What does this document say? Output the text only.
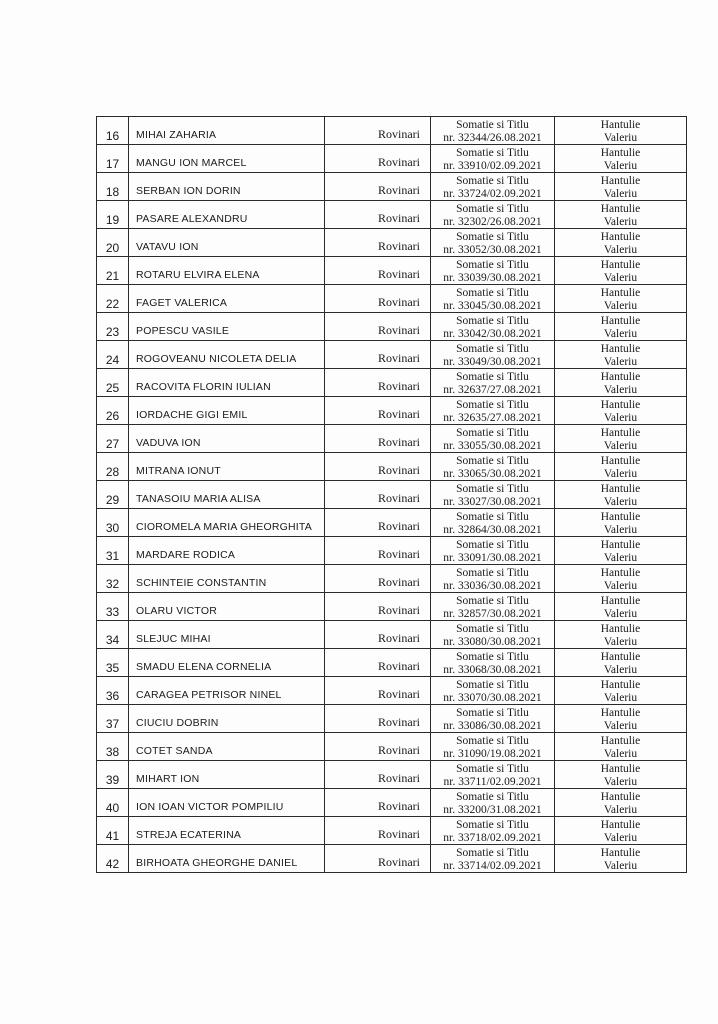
16	MIHAI ZAHARIA	Rovinari	Somatie si Titlu
nr. 32344/26.08.2021	Hantulie
Valeriu

17	MANGU ION MARCEL	Rovinari	Somatie si Titlu
nr. 33910/02.09.2021	Hantulie
Valeriu

18	SERBAN ION DORIN	Rovinari	Somatie si Titlu
nr. 33724/02.09.2021	Hantulie
Valeriu

19	PASARE ALEXANDRU	Rovinari	Somatie si Titlu
nr. 32302/26.08.2021	Hantulie
Valeriu

20	VATAVU ION	Rovinari	Somatie si Titlu
nr. 33052/30.08.2021	Hantulie
Valeriu

21	ROTARU ELVIRA ELENA	Rovinari	Somatie si Titlu
nr. 33039/30.08.2021	Hantulie
Valeriu

22	FAGET VALERICA	Rovinari	Somatie si Titlu
nr. 33045/30.08.2021	Hantulie
Valeriu

23	POPESCU VASILE	Rovinari	Somatie si Titlu
nr. 33042/30.08.2021	Hantulie
Valeriu

24	ROGOVEANU NICOLETA DELIA	Rovinari	Somatie si Titlu
nr. 33049/30.08.2021	Hantulie
Valeriu

25	RACOVITA FLORIN IULIAN	Rovinari	Somatie si Titlu
nr. 32637/27.08.2021	Hantulie
Valeriu

26	IORDACHE GIGI EMIL	Rovinari	Somatie si Titlu
nr. 32635/27.08.2021	Hantulie
Valeriu

27	VADUVA ION	Rovinari	Somatie si Titlu
nr. 33055/30.08.2021	Hantulie
Valeriu

28	MITRANA IONUT	Rovinari	Somatie si Titlu
nr. 33065/30.08.2021	Hantulie
Valeriu

29	TANASOIU MARIA ALISA	Rovinari	Somatie si Titlu
nr. 33027/30.08.2021	Hantulie
Valeriu

30	CIOROMELA MARIA GHEORGHITA	Rovinari	Somatie si Titlu
nr. 32864/30.08.2021	Hantulie
Valeriu

31	MARDARE RODICA	Rovinari	Somatie si Titlu
nr. 33091/30.08.2021	Hantulie
Valeriu

32	SCHINTEIE CONSTANTIN	Rovinari	Somatie si Titlu
nr. 33036/30.08.2021	Hantulie
Valeriu

33	OLARU VICTOR	Rovinari	Somatie si Titlu
nr. 32857/30.08.2021	Hantulie
Valeriu

34	SLEJUC MIHAI	Rovinari	Somatie si Titlu
nr. 33080/30.08.2021	Hantulie
Valeriu

35	SMADU ELENA CORNELIA	Rovinari	Somatie si Titlu
nr. 33068/30.08.2021	Hantulie
Valeriu

36	CARAGEA PETRISOR NINEL	Rovinari	Somatie si Titlu
nr. 33070/30.08.2021	Hantulie
Valeriu

37	CIUCIU DOBRIN	Rovinari	Somatie si Titlu
nr. 33086/30.08.2021	Hantulie
Valeriu

38	COTET SANDA	Rovinari	Somatie si Titlu
nr. 31090/19.08.2021	Hantulie
Valeriu

39	MIHART ION	Rovinari	Somatie si Titlu
nr. 33711/02.09.2021	Hantulie
Valeriu

40	ION IOAN VICTOR POMPILIU	Rovinari	Somatie si Titlu
nr. 33200/31.08.2021	Hantulie
Valeriu

41	STREJA ECATERINA	Rovinari	Somatie si Titlu
nr. 33718/02.09.2021	Hantulie
Valeriu

42	BIRHOATA GHEORGHE DANIEL	Rovinari	Somatie si Titlu
nr. 33714/02.09.2021	Hantulie
Valeriu
